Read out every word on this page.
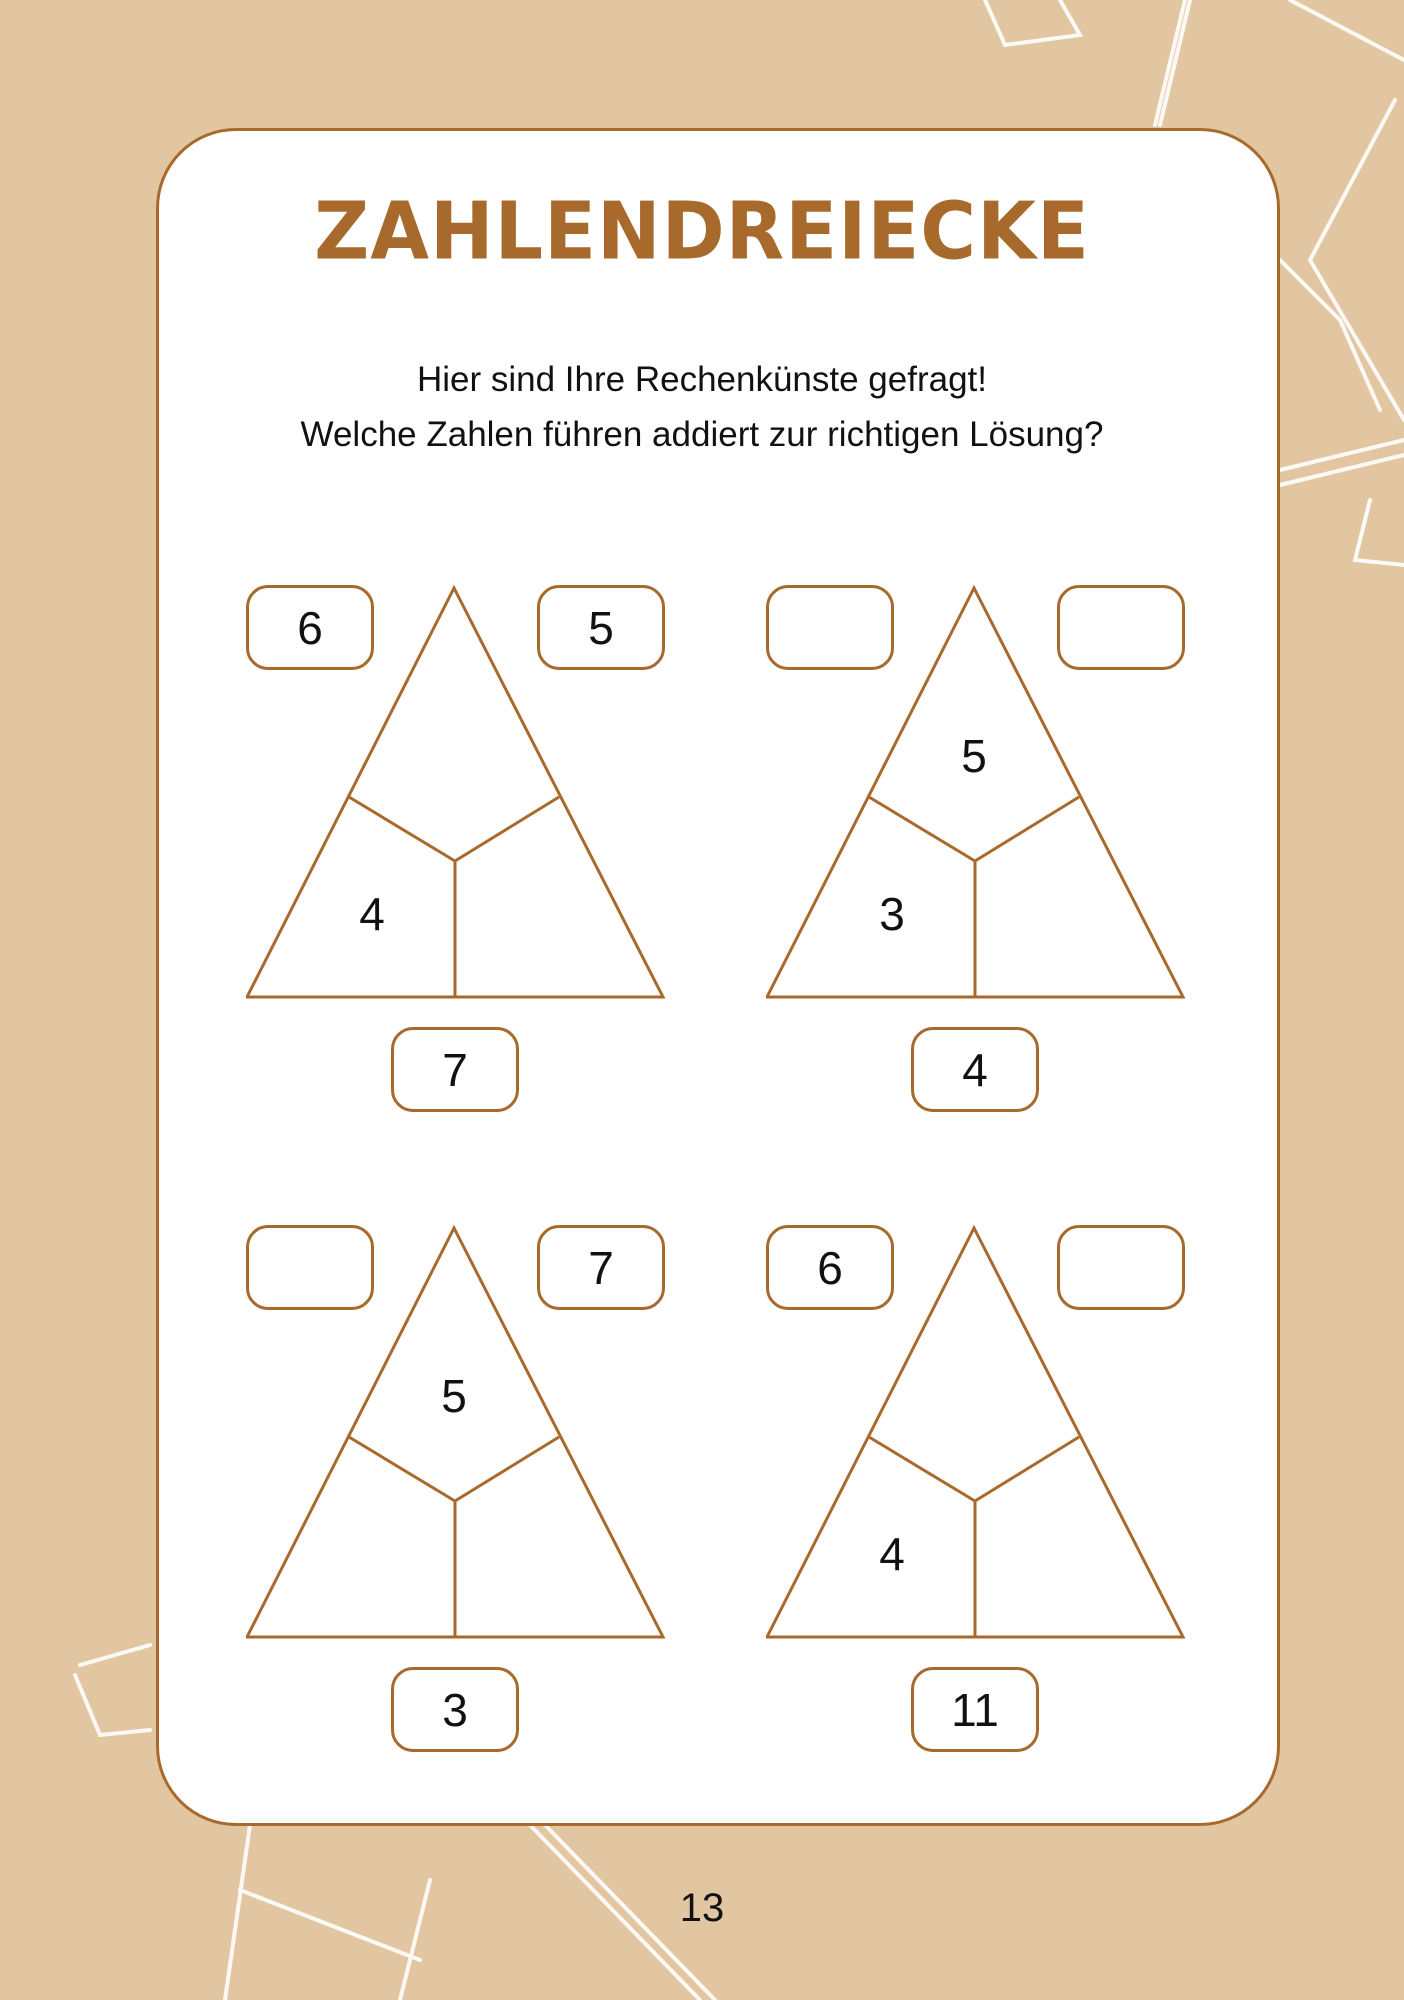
ZAHLENDREIECKE
Hier sind Ihre Rechenkünste gefragt!
Welche Zahlen führen addiert zur richtigen Lösung?
6	5
7
4
4
5
3
7
3
5
6
11
4
13
